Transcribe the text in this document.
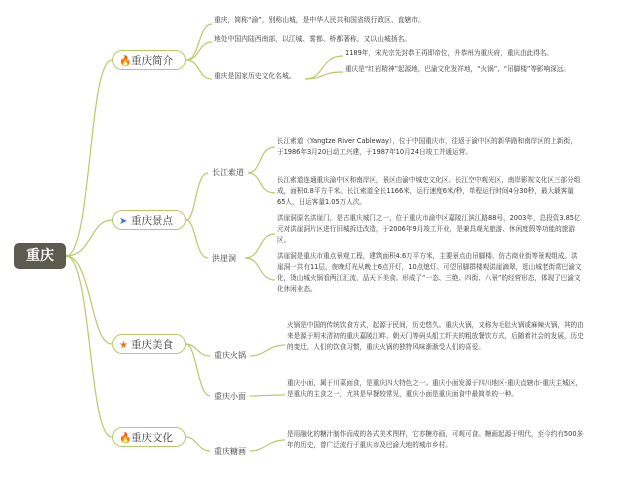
重庆
🔥重庆简介
重庆，简称“渝”，别称山城，是中华人民共和国省级行政区、直辖市。
地处中国内陆西南部，以江城、雾都、桥都著称，又以山城扬名。
重庆是国家历史文化名城。
1189年，宋光宗先封恭王再即帝位，升恭州为重庆府，重庆由此得名。
重庆是“红岩精神”起源地，巴渝文化发祥地，“火锅”、“吊脚楼”等影响深远。
➤ 重庆景点
长江索道
长江索道（Yangtze River Cableway），位于中国重庆市，往返于渝中区的新华路和南岸区的上新街，于1986年3月20日动工兴建，于1987年10月24日竣工并通运营。
长江索道连通重庆渝中区和南岸区，景区由渝中城史文化区、长江空中观光区、南岸影视文化区三部分组成，面积0.8平方千米。长江索道全长1166米，运行速度6米/秒，单程运行时间4分30秒，最大载客量65人，日运客量1.05万人次。
洪崖洞
洪崖洞原名洪崖门，是古重庆城门之一，位于重庆市渝中区嘉陵江滨江路88号，2003年，总投资3.85亿元对洪崖洞片区进行旧城拆迁改造，于2006年9月竣工开业，是兼具观光旅游、休闲度假等功能的旅游区。
洪崖洞是重庆市重点景观工程，建筑面积4.6万平方米，主要景点由吊脚楼、仿古商业街等景观组成。洪崖洞一共有11层，夜晚灯光从晚上6点开灯，10点熄灯。可望吊脚群楼观洪崖滴翠，逛山城老街赏巴渝文化，烫山城火锅看两江汇流，品天下美食。形成了“一态、三绝、四街、八景”的经营形态，体现了巴渝文化休闲业态。
★ 重庆美食
重庆火锅
火锅是中国的传统饮食方式，起源于民间，历史悠久。重庆火锅，又称为毛肚火锅或麻辣火锅，其的由来是源于明末清初的重庆嘉陵江畔、朝天门等码头船工纤夫的粗放餐饮方式，后随着社会的发展，历史的变迁，人们的饮食习惯，重庆火锅的独特风味渐渐受人们的喜爱。
重庆小面
重庆小面，属于川菜面食，是重庆四大特色之一。重庆小面发源于四川地区-重庆直辖市-重庆主城区，是重庆的主食之一，尤其是早餐较常见，重庆小面是重庆面食中最简单的一种。
🔥重庆文化
重庆糖画
是用融化的糖汁制作而成的各式美术图样，它亦糖亦画，可观可食。糖画起源于明代，至今约有500多年的历史，曾广泛流行于重庆市及巴渝大地的城市乡村。
